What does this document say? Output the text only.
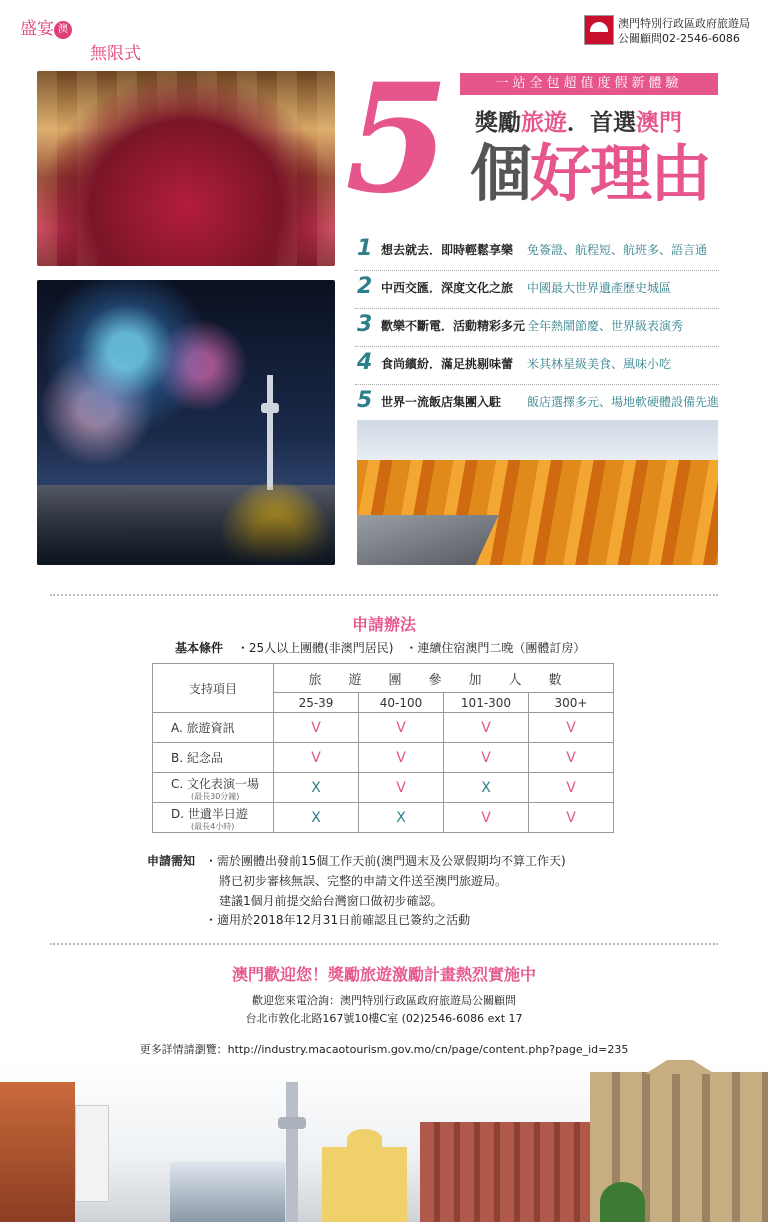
盛宴 澳門 無限式
澳門特別行政區政府旅遊局
公關顧問02-2546-6086
5	一站全包超值度假新體驗
獎勵旅遊．首選澳門
個好理由
1 想去就去．即時輕鬆享樂 免簽證、航程短、航班多、語言通
2 中西交匯．深度文化之旅 中國最大世界遺產歷史城區
3 歡樂不斷電．活動精彩多元 全年熱鬧節慶、世界級表演秀
4 食尚繽紛．滿足挑剔味蕾 米其林星級美食、風味小吃
5 世界一流飯店集團入駐 飯店選擇多元、場地軟硬體設備先進
申請辦法
基本條件 ・25人以上團體(非澳門居民) ・連續住宿澳門二晚（團體訂房）
支持項目	旅遊團參加人數			
	25-39	40-100	101-300	300+
A. 旅遊資訊	V	V	V	V
B. 紀念品	V	V	V	V
C. 文化表演一場
(最長30分鐘)	X	V	X	V
D. 世遺半日遊
(最長4小時)	X	X	V	V
申請需知 ・需於團體出發前15個工作天前(澳門週末及公眾假期均不算工作天)
將已初步審核無誤、完整的申請文件送至澳門旅遊局。
建議1個月前提交給台灣窗口做初步確認。
・適用於2018年12月31日前確認且已簽約之活動
澳門歡迎您！獎勵旅遊激勵計畫熱烈實施中
歡迎您來電洽詢：澳門特別行政區政府旅遊局公關顧問
台北市敦化北路167號10樓C室 (02)2546-6086 ext 17
更多詳情請瀏覽：http://industry.macaotourism.gov.mo/cn/page/content.php?page_id=235
